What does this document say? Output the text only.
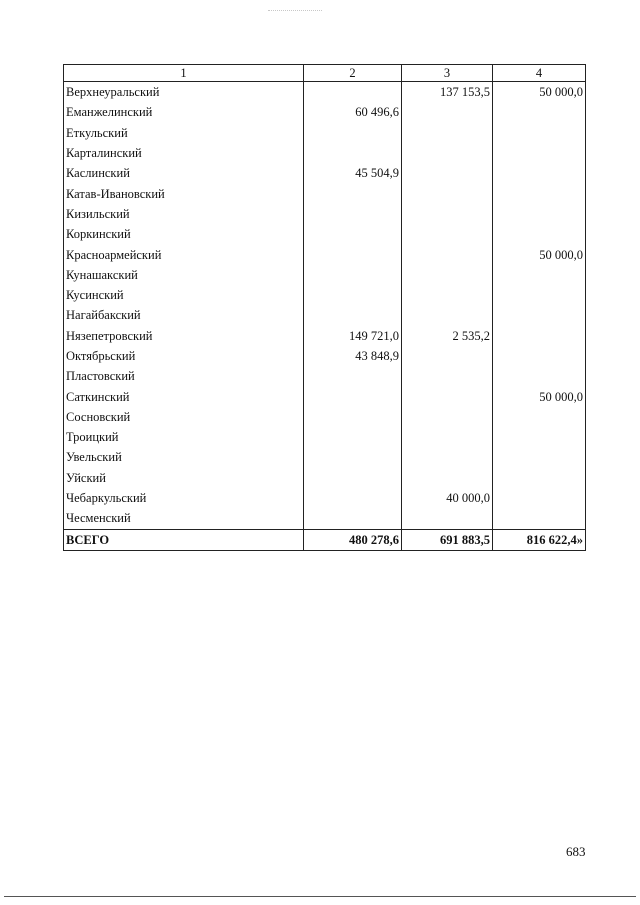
1	2	3	4
Верхнеуральский		137 153,5	50 000,0
Еманжелинский	60 496,6		
Еткульский			
Карталинский			
Каслинский	45 504,9		
Катав-Ивановский			
Кизильский			
Коркинский			
Красноармейский			50 000,0
Кунашакский			
Кусинский			
Нагайбакский			
Нязепетровский	149 721,0	2 535,2	
Октябрьский	43 848,9		
Пластовский			
Саткинский			50 000,0
Сосновский			
Троицкий			
Увельский			
Уйский			
Чебаркульский		40 000,0	
Чесменский			
ВСЕГО	480 278,6	691 883,5	816 622,4»
683
